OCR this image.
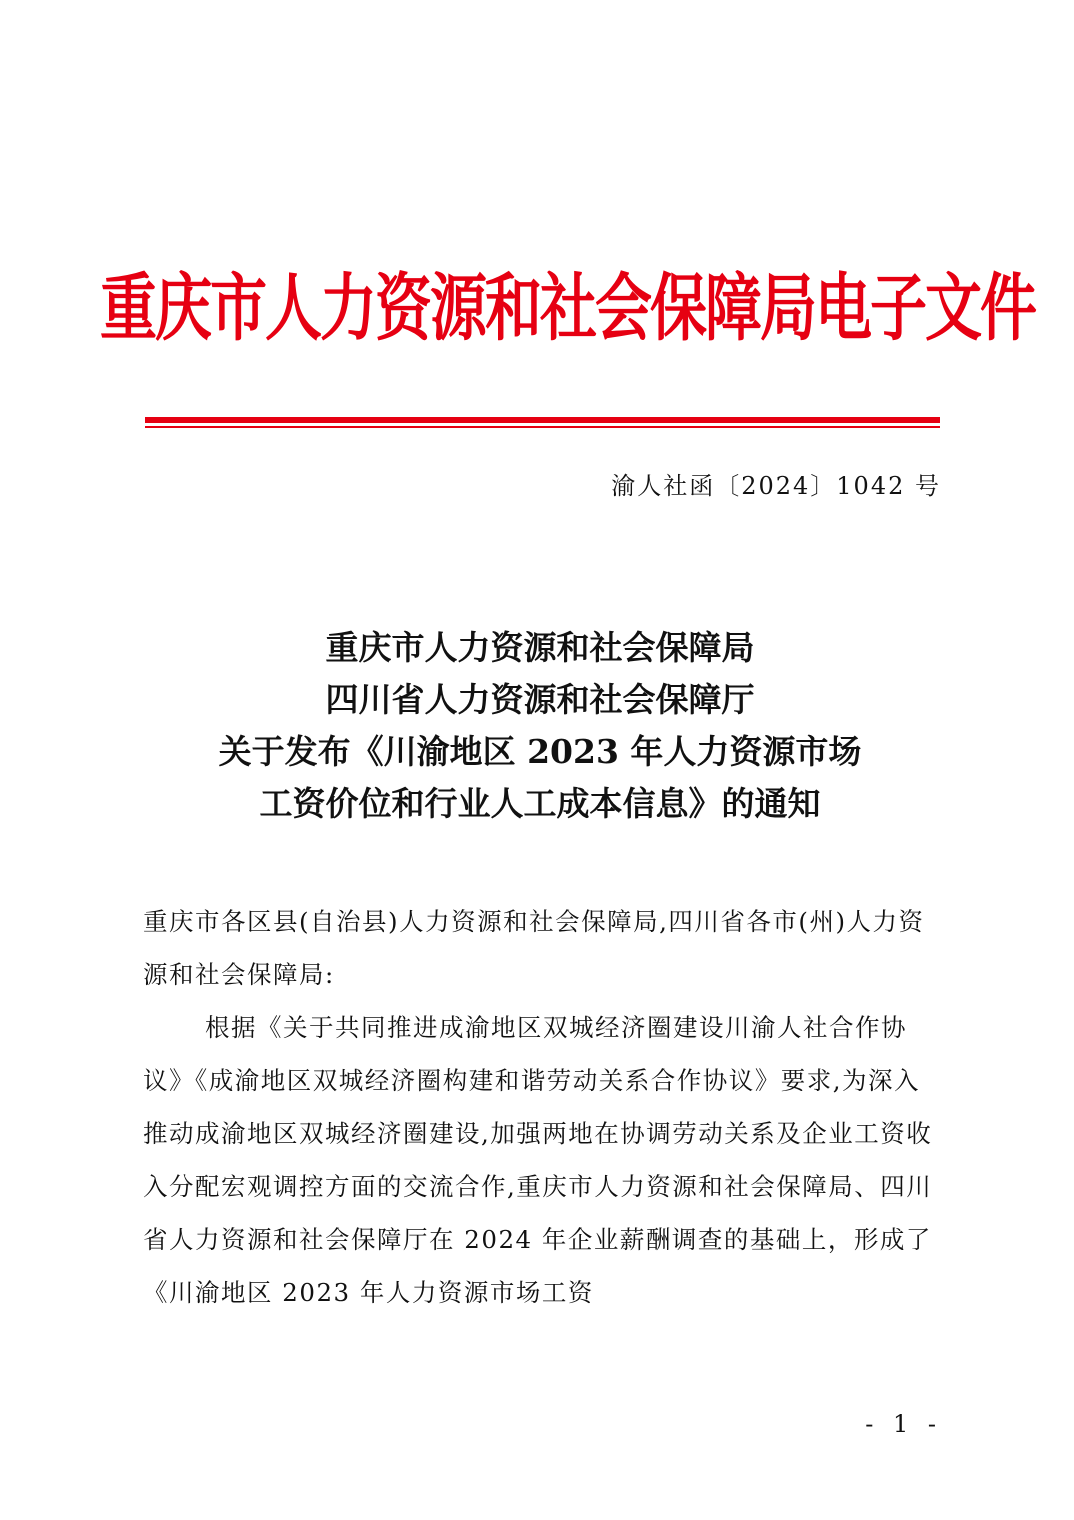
重庆市人力资源和社会保障局电子文件
渝人社函〔2024〕1042 号
重庆市人力资源和社会保障局
四川省人力资源和社会保障厅
关于发布《川渝地区 2023 年人力资源市场
工资价位和行业人工成本信息》的通知

重庆市各区县(自治县)人力资源和社会保障局,四川省各市(州)人力资源和社会保障局:

根据《关于共同推进成渝地区双城经济圈建设川渝人社合作协议》《成渝地区双城经济圈构建和谐劳动关系合作协议》要求,为深入推动成渝地区双城经济圈建设,加强两地在协调劳动关系及企业工资收入分配宏观调控方面的交流合作,重庆市人力资源和社会保障局、四川省人力资源和社会保障厅在 2024 年企业薪酬调查的基础上，形成了《川渝地区 2023 年人力资源市场工资

- 1 -
